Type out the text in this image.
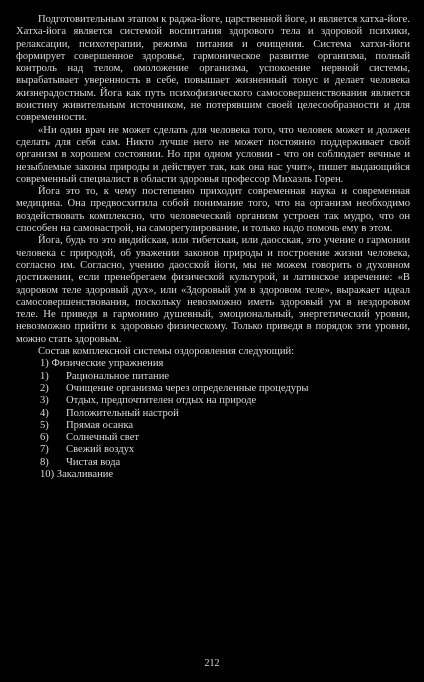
Подготовительным этапом к раджа-йоге, царственной йоге, и является хатха-йоге. Хатха-йога является системой воспитания здорового тела и здоровой психики, релаксации, психотерапии, режима питания и очищения. Система хатхи-йоги формирует совершенное здоровье, гармоническое развитие организма, полный контроль над телом, омоложение организма, успокоение нервной системы, вырабатывает уверенность в себе, повышает жизненный тонус и делает человека жизнерадостным. Йога как путь психофизического самосовершенствования является воистину живительным источником, не потерявшим своей целесообразности и для современности.

«Ни один врач не может сделать для человека того, что человек может и должен сделать для себя сам. Никто лучше него не может постоянно поддерживает свой организм в хорошем состоянии. Но при одном условии - что он соблюдает вечные и незыблемые законы природы и действует так, как она нас учит», пишет выдающийся современный специалист в области здоровья профессор Михаэль Горен.

Йога это то, к чему постепенно приходит современная наука и современная медицина. Она предвосхитила собой понимание того, что на организм необходимо воздействовать комплексно, что человеческий организм устроен так мудро, что он способен на самонастрой, на саморегулирование, и только надо помочь ему в этом.

Йога, будь то это индийская, или тибетская, или даосская, это учение о гармонии человека с природой, об уважении законов природы и построение жизни человека, согласно им. Согласно, учению даосской йоги, мы не можем говорить о духовном достижении, если пренебрегаем физической культурой, и латинское изречение: «В здоровом теле здоровый дух», или «Здоровый ум в здоровом теле», выражает идеал самосовершенствования, поскольку невозможно иметь здоровый ум в нездоровом теле. Не приведя в гармонию душевный, эмоциональный, энергетический уровни, невозможно прийти к здоровью физическому. Только приведя в порядок эти уровни, можно стать здоровым.

Состав комплексной системы оздоровления следующий:

1) Физические упражнения
1) Рациональное питание
2) Очищение организма через определенные процедуры
3) Отдых, предпочтителен отдых на природе
4) Положительный настрой
5) Прямая осанка
6) Солнечный свет
7) Свежий воздух
8) Чистая вода
10) Закаливание
212
